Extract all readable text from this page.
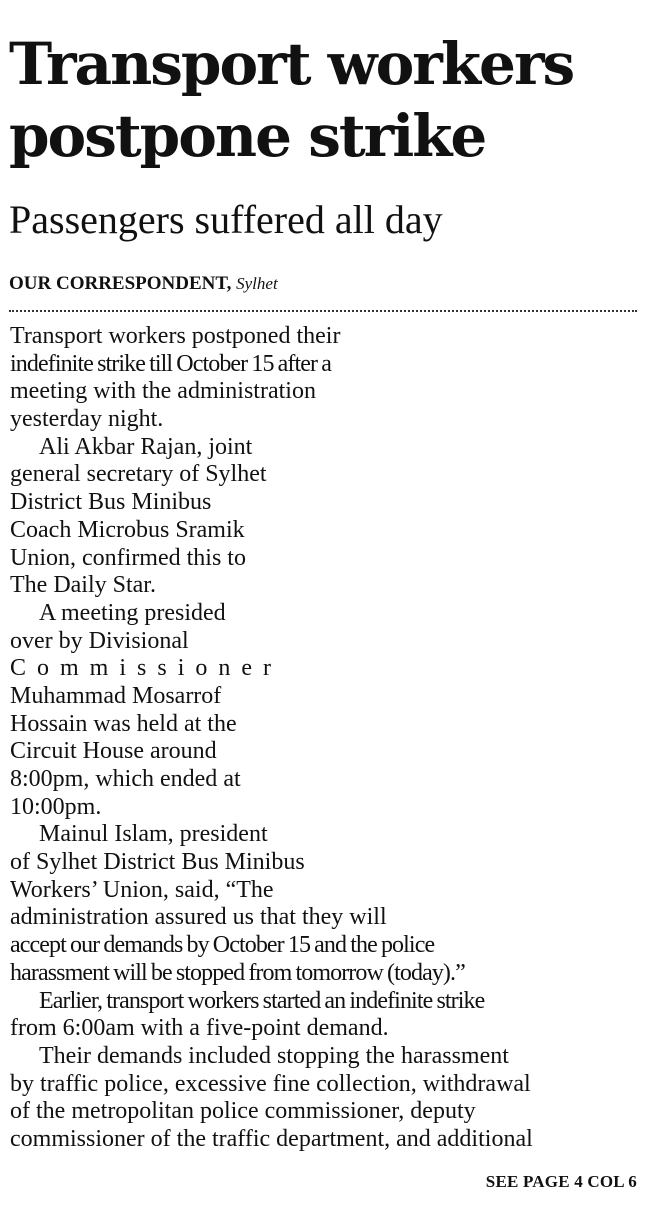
Transport workers
postpone strike
Passengers suffered all day
OUR CORRESPONDENT, Sylhet
Transport workers postponed their
indefinite strike till October 15 after a
meeting with the administration
yesterday night.
Ali Akbar Rajan, joint
general secretary of Sylhet
District Bus Minibus
Coach Microbus Sramik
Union, confirmed this to
The Daily Star.
A meeting presided
over by Divisional
Commissioner
Muhammad Mosarrof
Hossain was held at the
Circuit House around
8:00pm, which ended at
10:00pm.
Mainul Islam, president
of Sylhet District Bus Minibus
Workers’ Union, said, “The
administration assured us that they will
accept our demands by October 15 and the police
harassment will be stopped from tomorrow (today).”
Earlier, transport workers started an indefinite strike
from 6:00am with a five-point demand.
Their demands included stopping the harassment
by traffic police, excessive fine collection, withdrawal
of the metropolitan police commissioner, deputy
commissioner of the traffic department, and additional
SEE PAGE 4 COL 6
